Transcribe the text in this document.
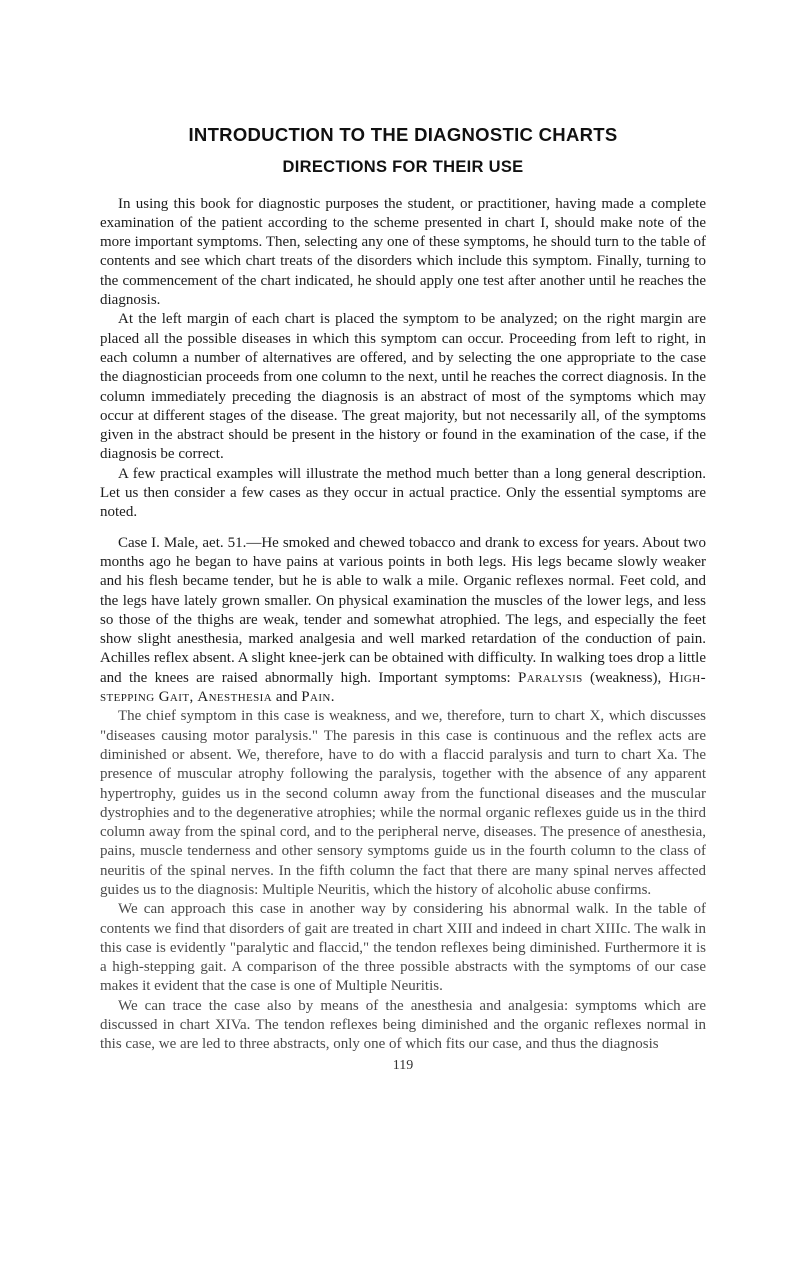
INTRODUCTION TO THE DIAGNOSTIC CHARTS
DIRECTIONS FOR THEIR USE

In using this book for diagnostic purposes the student, or practitioner, having made a complete examination of the patient according to the scheme presented in chart I, should make note of the more important symptoms. Then, selecting any one of these symptoms, he should turn to the table of contents and see which chart treats of the disorders which include this symptom. Finally, turning to the commencement of the chart indicated, he should apply one test after another until he reaches the diagnosis.

At the left margin of each chart is placed the symptom to be analyzed; on the right margin are placed all the possible diseases in which this symptom can occur. Proceeding from left to right, in each column a number of alternatives are offered, and by selecting the one appropriate to the case the diagnostician proceeds from one column to the next, until he reaches the correct diagnosis. In the column immediately preceding the diagnosis is an abstract of most of the symptoms which may occur at different stages of the disease. The great majority, but not necessarily all, of the symptoms given in the abstract should be present in the history or found in the examination of the case, if the diagnosis be correct.

A few practical examples will illustrate the method much better than a long general description. Let us then consider a few cases as they occur in actual practice. Only the essential symptoms are noted.

Case I. Male, aet. 51.—He smoked and chewed tobacco and drank to excess for years. About two months ago he began to have pains at various points in both legs. His legs became slowly weaker and his flesh became tender, but he is able to walk a mile. Organic reflexes normal. Feet cold, and the legs have lately grown smaller. On physical examination the muscles of the lower legs, and less so those of the thighs are weak, tender and somewhat atrophied. The legs, and especially the feet show slight anesthesia, marked analgesia and well marked retardation of the conduction of pain. Achilles reflex absent. A slight knee-jerk can be obtained with difficulty. In walking toes drop a little and the knees are raised abnormally high. Important symptoms: Paralysis (weakness), High-stepping Gait, Anesthesia and Pain.

The chief symptom in this case is weakness, and we, therefore, turn to chart X, which discusses "diseases causing motor paralysis." The paresis in this case is continuous and the reflex acts are diminished or absent. We, therefore, have to do with a flaccid paralysis and turn to chart Xa. The presence of muscular atrophy following the paralysis, together with the absence of any apparent hypertrophy, guides us in the second column away from the functional diseases and the muscular dystrophies and to the degenerative atrophies; while the normal organic reflexes guide us in the third column away from the spinal cord, and to the peripheral nerve, diseases. The presence of anesthesia, pains, muscle tenderness and other sensory symptoms guide us in the fourth column to the class of neuritis of the spinal nerves. In the fifth column the fact that there are many spinal nerves affected guides us to the diagnosis: Multiple Neuritis, which the history of alcoholic abuse confirms.

We can approach this case in another way by considering his abnormal walk. In the table of contents we find that disorders of gait are treated in chart XIII and indeed in chart XIIIc. The walk in this case is evidently "paralytic and flaccid," the tendon reflexes being diminished. Furthermore it is a high-stepping gait. A comparison of the three possible abstracts with the symptoms of our case makes it evident that the case is one of Multiple Neuritis.

We can trace the case also by means of the anesthesia and analgesia: symptoms which are discussed in chart XIVa. The tendon reflexes being diminished and the organic reflexes normal in this case, we are led to three abstracts, only one of which fits our case, and thus the diagnosis

119
